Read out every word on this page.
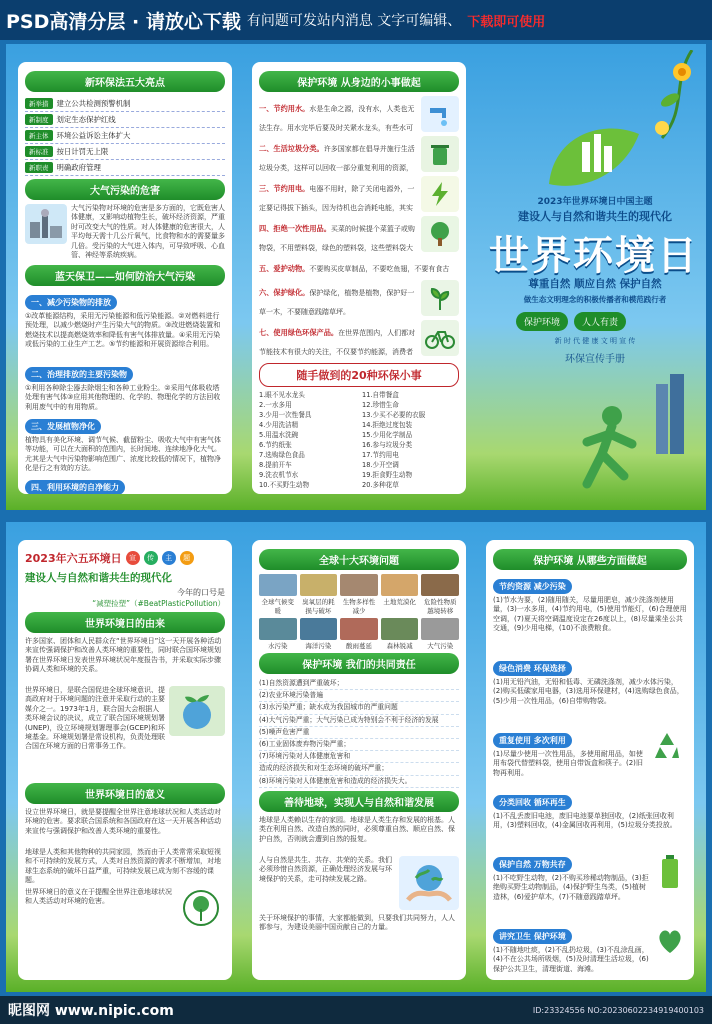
PSD高清分层 · 请放心下载 有问题可发站内消息 文字可编辑、 下载即可使用
新环保法五大亮点
新举措	建立公共检测预警机制
新制度	划定生态保护红线
新主体	环境公益诉讼主体扩大
新标准	按日计罚无上限
新职责	明确政府管理
大气污染的危害

大气污染物对环境的危害是多方面的，它既危害人体健康，又影响动植物生长，破坏经济资源，严重时可改变大气的性质。对人体健康的危害很大，人平均每天需十几公斤氧气，比食物和水的需要量多几倍。受污染的大气进入体内，可导致呼吸、心血管、神经等系统疾病。

蓝天保卫——如何防治大气污染
一、减少污染物的排放

①改革能源结构，采用无污染能源和低污染能源。②对燃料进行预处理，以减少燃烧时产生污染大气的物质。③改进燃烧装置和燃烧技术以提高燃烧效率和降低有害气体排放量。④采用无污染或低污染的工业生产工艺。⑤节约能源和开展资源综合利用。

二、治理排放的主要污染物

①利用各种除尘器去除烟尘和各种工业粉尘。②采用气体吸收塔处理有害气体③应用其他物理的、化学的、物理化学的方法回收利用废气中的有用物质。

三、发展植物净化

植物具有美化环境、调节气候、截留粉尘、吸收大气中有害气体等功能，可以在大面积的范围内，长时间地、连续地净化大气。尤其是大气中污染物影响范围广、浓度比较低的情况下，植物净化是行之有效的方法。

四、利用环境的自净能力

保护环境 从身边的小事做起
一、节约用水。水是生命之源，没有水，人类也无法生存。用水完毕后要及时关紧水龙头，有些水可
二、生活垃圾分类。许多国家都在倡导并施行生活垃圾分类，这样可以回收一部分重复利用的资源，
三、节约用电。电器不用时，除了关闭电源外，一定要记得拔下插头，因为待机也会消耗电能，其实
四、拒绝一次性用品。买菜的时候提个菜篮子或购物袋，不用塑料袋，绿色的塑料袋，这些塑料袋大
五、爱护动物。不要购买皮草制品，不要吃鱼翅，不要有食古
六、保护绿化。保护绿化，植物是植物，保护好一草一木，不要随意践踏草坪。
七、使用绿色环保产品。在世界范围内，人们都对节能技术有很大的关注，不仅要节约能源，消费者
随手做到的20种环保小事
1.眼不见水龙头	11.自带餐盒
2.一水多用	12.珍惜生命
3.少用一次性餐具	13.少买不必要的衣服
4.少用洗洁精	14.拒绝过度包装
5.用温水洗碗	15.少用化学制品
6.节约纸张	16.参与垃圾分类
7.选购绿色食品	17.节约用电
8.提前开车	18.少开空调
9.洗衣机节水	19.拒食野生动物
10.不买野生动物	20.多种花草
2023年世界环境日中国主题
建设人与自然和谐共生的现代化
世界环境日
尊重自然 顺应自然 保护自然
做生态文明理念的积极传播者和模范践行者
保护环境	人人有责
新 时 代 健 康 文 明 宣 传
环保宣传手册
2023年六五环境日	宣	传	主	题
建设人与自然和谐共生的现代化
今年的口号是
“减塑捡塑”（#BeatPlasticPollution）
世界环境日的由来

许多国家、团体和人民群众在“世界环境日”这一天开展各种活动来宣传强调保护和改善人类环境的重要性，同时联合国环境规划署在世界环境日发表世界环境状况年度报告书，并采取实际步骤协调人类和环境的关系。

世界环境日，是联合国促进全球环境意识、提高政府对于环境问题的注意并采取行动的主要媒介之一。1973年1月，联合国大会根据人类环境会议的决议，成立了联合国环境规划署(UNEP)，设立环境规划署理事会(GCEP)和环境基金。环境规划署是常设机构，负责处理联合国在环境方面的日常事务工作。

世界环境日的意义

设立世界环境日，就是要提醒全世界注意地球状况和人类活动对环境的危害。要求联合国系统和各国政府在这一天开展各种活动来宣传与强调保护和改善人类环境的重要性。

地球是人类和其他物种的共同家园，然而由于人类常常采取短视和不可持续的发展方式，人类对自然资源的需求不断增加，对地球生态系统的破坏日益严重，可持续发展已成为刻不容缓的课题。

世界环境日的意义在于提醒全世界注意地球状况和人类活动对环境的危害。

全球十大环境问题
全球气候变暖
臭氧层的耗损与破坏
生物多样性减少
土地荒漠化	危险性物质越境转移
水污染	海洋污染	酸雨蔓延	森林锐减	大气污染
保护环境 我们的共同责任
(1)自然资源遭到严重破坏；
(2)农业环境污染普遍
(3)水污染严重；缺水成为我国城市的严重问题
(4)大气污染严重；大气污染已成为特别会不利于经济的发展
(5)噪声危害严重
(6)工业固体废弃物污染严重；
(7)环境污染对人体健康危害和
造成的经济损失和对生态环境的破坏严重；
(8)环境污染对人体健康危害和造成的经济损失大。
善待地球，实现人与自然和谐发展

地球是人类赖以生存的家园。地球是人类生存和发展的根基。人类在利用自然、改造自然的同时，必须尊重自然、顺应自然、保护自然，否则就会遭到自然的报复。

人与自然是共生、共存、共荣的关系。我们必须珍惜自然资源，正确处理经济发展与环境保护的关系，走可持续发展之路。

关于环境保护的事情，大家都能做到，只要我们共同努力，人人都参与，为建设美丽中国贡献自己的力量。

保护环境 从哪些方面做起
节约资源 减少污染

(1)节水为要，(2)随用随关，尽量用肥皂，减少洗涤剂使用量，(3)一水多用，(4)节约用电，(5)使用节能灯，(6)合理使用空调，(7)夏天将空调温度设定在26度以上，(8)尽量乘坐公共交通，(9)少用电梯，(10)不浪费粮食。

绿色消费 环保选择

(1)用无铅汽油，无铅和低毒、无磷洗涤剂，减少水体污染，(2)购买低碳家用电器，(3)选用环保建材，(4)选购绿色食品，(5)少用一次性用品，(6)自带购物袋。

重复使用 多次利用

(1)尽量少使用一次性用品，多使用耐用品，如使用布袋代替塑料袋，使用自带饭盒和筷子。(2)旧物再利用。

分类回收 循环再生

(1)不乱丢废旧电池，废旧电池要单独回收，(2)纸张回收利用，(3)塑料回收，(4)金属回收再利用，(5)垃圾分类投放。

保护自然 万物共存

(1)不吃野生动物，(2)不购买珍稀动物制品，(3)拒绝购买野生动物制品，(4)保护野生鸟类，(5)植树造林，(6)爱护草木，(7)不随意践踏草坪。

讲究卫生 保护环境

(1)不随地吐痰，(2)不乱扔垃圾，(3)不乱涂乱画，(4)不在公共场所吸烟，(5)及时清理生活垃圾，(6)保护公共卫生，清理街道、海滩。

昵图网 www.nipic.com	ID:23324556 NO:20230602234919400103
